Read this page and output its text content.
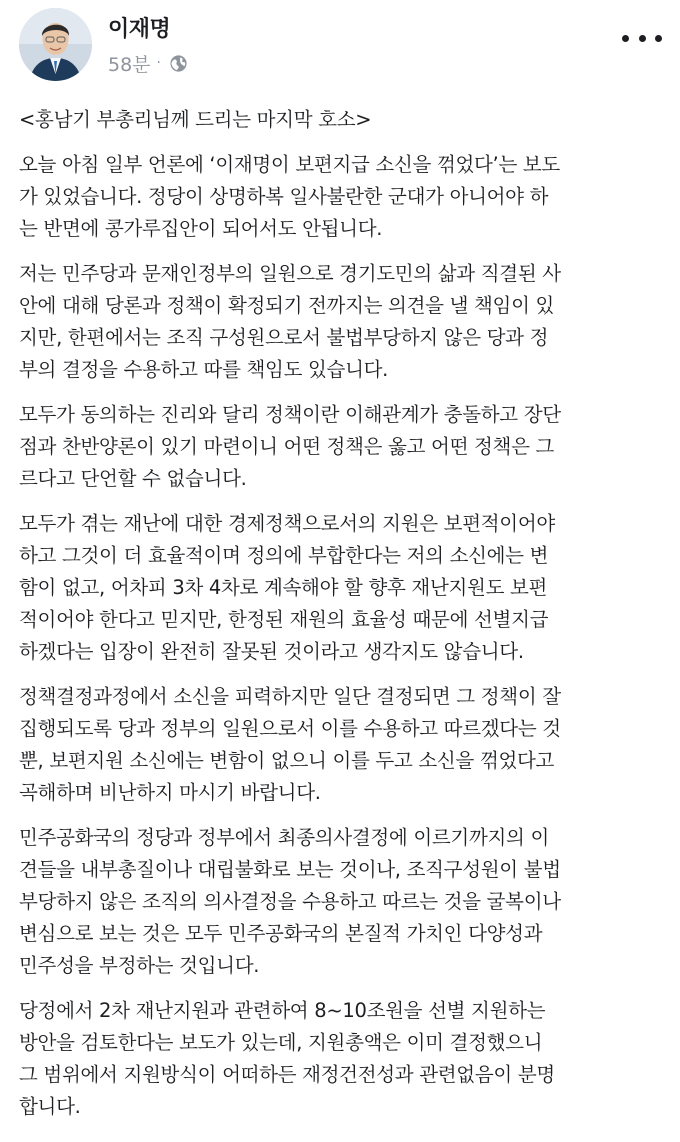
이재명
58분 ·
<홍남기 부총리님께 드리는 마지막 호소>
오늘 아침 일부 언론에 ‘이재명이 보편지급 소신을 꺾었다’는 보도
가 있었습니다. 정당이 상명하복 일사불란한 군대가 아니어야 하
는 반면에 콩가루집안이 되어서도 안됩니다.
저는 민주당과 문재인정부의 일원으로 경기도민의 삶과 직결된 사
안에 대해 당론과 정책이 확정되기 전까지는 의견을 낼 책임이 있
지만, 한편에서는 조직 구성원으로서 불법부당하지 않은 당과 정
부의 결정을 수용하고 따를 책임도 있습니다.
모두가 동의하는 진리와 달리 정책이란 이해관계가 충돌하고 장단
점과 찬반양론이 있기 마련이니 어떤 정책은 옳고 어떤 정책은 그
르다고 단언할 수 없습니다.
모두가 겪는 재난에 대한 경제정책으로서의 지원은 보편적이어야
하고 그것이 더 효율적이며 정의에 부합한다는 저의 소신에는 변
함이 없고, 어차피 3차 4차로 계속해야 할 향후 재난지원도 보편
적이어야 한다고 믿지만, 한정된 재원의 효율성 때문에 선별지급
하겠다는 입장이 완전히 잘못된 것이라고 생각지도 않습니다.
정책결정과정에서 소신을 피력하지만 일단 결정되면 그 정책이 잘
집행되도록 당과 정부의 일원으로서 이를 수용하고 따르겠다는 것
뿐, 보편지원 소신에는 변함이 없으니 이를 두고 소신을 꺾었다고
곡해하며 비난하지 마시기 바랍니다.
민주공화국의 정당과 정부에서 최종의사결정에 이르기까지의 이
견들을 내부총질이나 대립불화로 보는 것이나, 조직구성원이 불법
부당하지 않은 조직의 의사결정을 수용하고 따르는 것을 굴복이나
변심으로 보는 것은 모두 민주공화국의 본질적 가치인 다양성과
민주성을 부정하는 것입니다.
당정에서 2차 재난지원과 관련하여 8~10조원을 선별 지원하는
방안을 검토한다는 보도가 있는데, 지원총액은 이미 결정했으니
그 범위에서 지원방식이 어떠하든 재정건전성과 관련없음이 분명
합니다.
